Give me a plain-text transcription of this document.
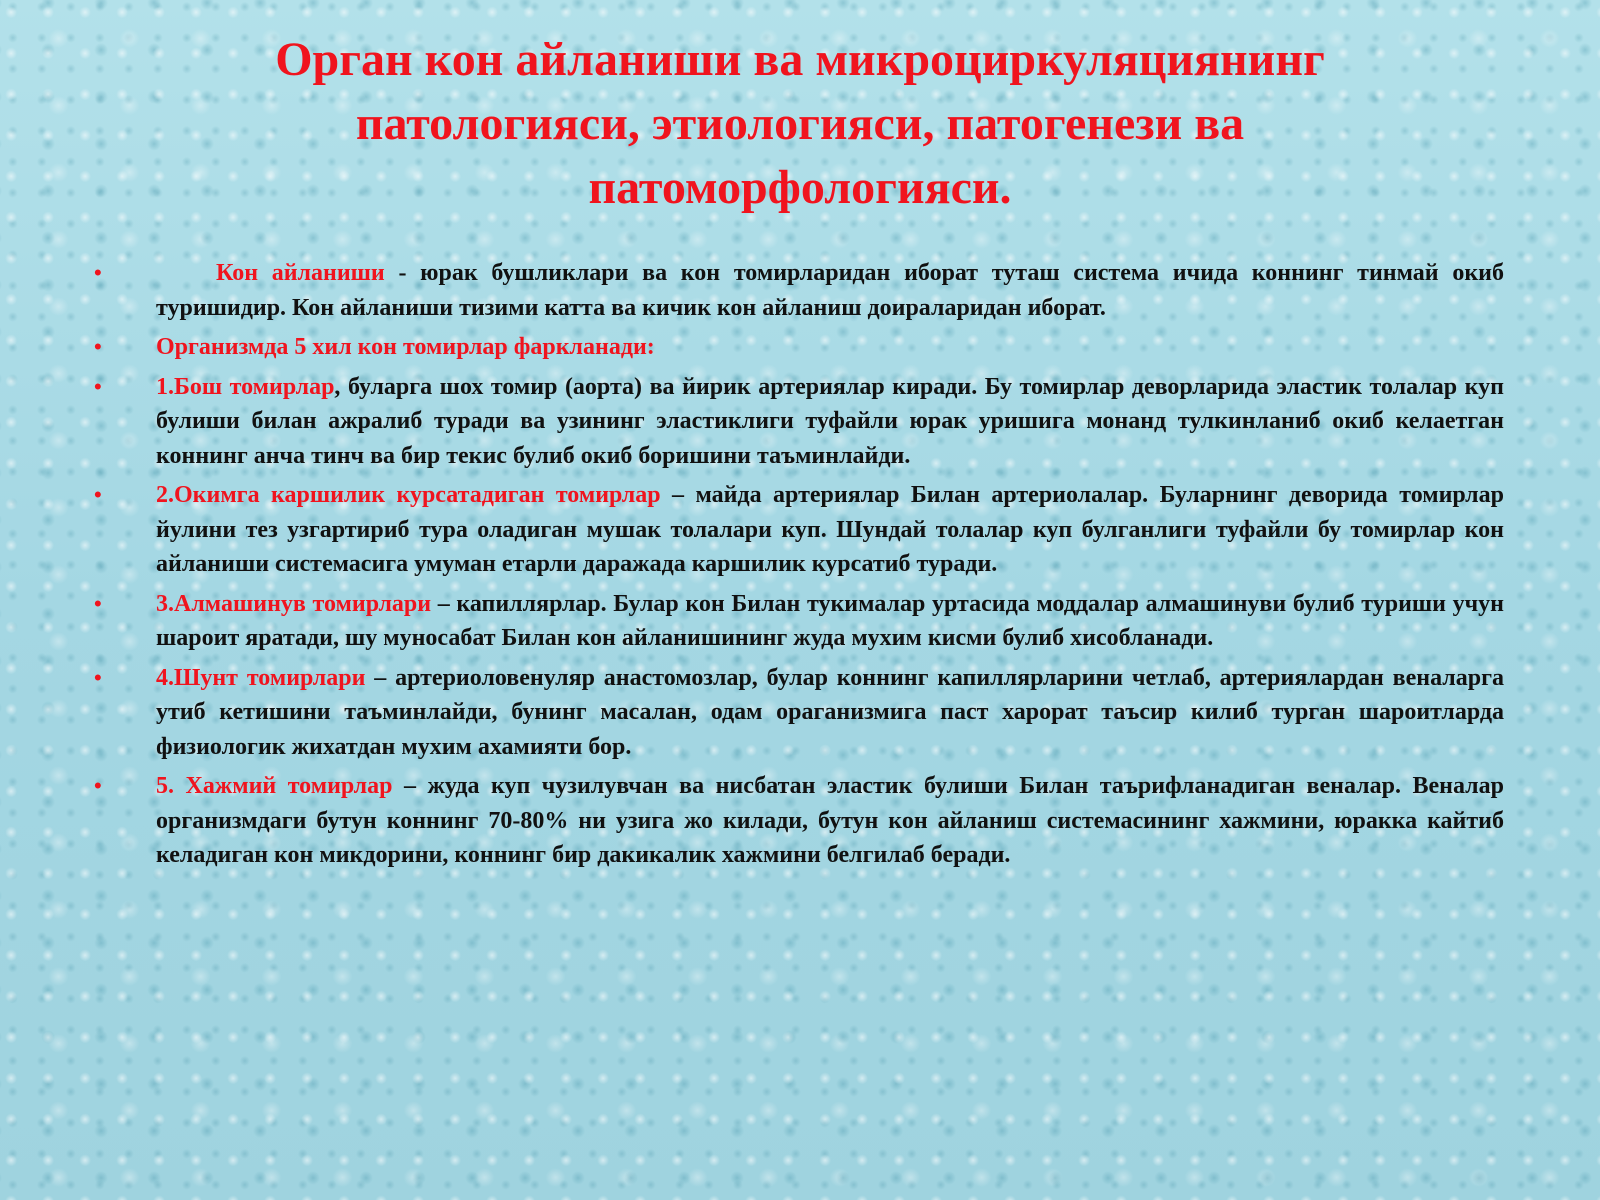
Орган кон айланиши ва микроциркуляциянинг патологияси, этиологияси, патогенези ва патоморфологияси.
•	Кон айланиши - юрак бушликлари ва кон томирларидан иборат туташ система ичида коннинг тинмай окиб туришидир. Кон айланиши тизими катта ва кичик кон айланиш доираларидан иборат.
• Организмда 5 хил кон томирлар фаркланади:
• 1.Бош томирлар, буларга шох томир (аорта) ва йирик артериялар киради. Бу томирлар деворларида эластик толалар куп булиши билан ажралиб туради ва узининг эластиклиги туфайли юрак уришига монанд тулкинланиб окиб келаетган коннинг анча тинч ва бир текис булиб окиб боришини таъминлайди.
• 2.Окимга каршилик курсатадиган томирлар – майда артериялар Билан артериолалар. Буларнинг деворида томирлар йулини тез узгартириб тура оладиган мушак толалари куп. Шундай толалар куп булганлиги туфайли бу томирлар кон айланиши системасига умуман етарли даражада каршилик курсатиб туради.
• 3.Алмашинув томирлари – капиллярлар. Булар кон Билан тукималар уртасида моддалар алмашинуви булиб туриши учун шароит яратади, шу муносабат Билан кон айланишининг жуда мухим кисми булиб хисобланади.
• 4.Шунт томирлари – артериоловенуляр анастомозлар, булар коннинг капиллярларини четлаб, артериялардан веналарга утиб кетишини таъминлайди, бунинг масалан, одам ораганизмига паст харорат таъсир килиб турган шароитларда физиологик жихатдан мухим ахамияти бор.
• 5. Хажмий томирлар – жуда куп чузилувчан ва нисбатан эластик булиши Билан таърифланадиган веналар. Веналар организмдаги бутун коннинг 70-80% ни узига жо килади, бутун кон айланиш системасининг хажмини, юракка кайтиб келадиган кон микдорини, коннинг бир дакикалик хажмини белгилаб беради.
